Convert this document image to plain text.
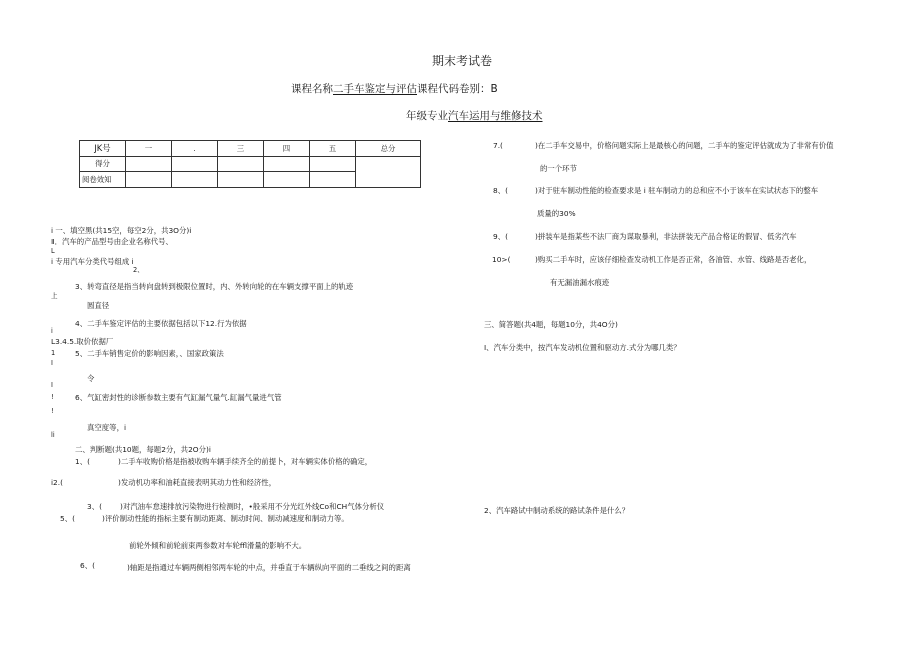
期末考试卷
课程名称二手车鉴定与评估课程代码卷别：B
年级专业汽车运用与维修技术
JK号	一	.	三	四	五	总分
得分						
阅卷效知						
i 一、填空黑(共15空，每空2分，共3O分)i
Ⅱ．汽车的产品型号由企业名称代号、
L
i 专用汽车分类代号组成 i
2、
3、转弯直径是指当转向盘转到极限位置时，内、外转向轮的在车辆支撑平面上的轨迹
上
圆直径
4、二手车鉴定评估的主要依据包括以下12.行为依据
i
L3.4.5.取价依据厂
1	5、二手车销售定价的影响因素，、国家政策法
I
令
I
!	6、气缸密封性的诊断参数主要有气缸漏气量气.缸漏气量进气管
!
真空度等，i
li
二、判断题(共10题，每题2分，共2O分)i
1、(	)二手车收购价格是指被收购车辆手续齐全的前提卜，对车辆实体价格的确定，
i2.(	)发动机功率和油耗直接表明其动力性和经济性，
3、( )对汽油车怠速排放污染物进行检测时，•般采用不分光红外线Co和CH气体分析仪
5、(	)评价制动性能的指标主要有制动距离、制动时间、制动减速度和制动力等。
前轮外倾和前轮前束两参数对车轮ffl滑量的影响不大。
6、(	)轴距是指通过车辆两侧相邻两车轮的中点，并垂直于车辆纵向平面的二垂线之间的距离
7.(	)在二手车交易中，价格问题实际上是最核心的问题，二手车的鉴定评估就成为了非常有价值
的一个环节
8、(	)对于驻车制动性能的检查要求是 i 驻车制动力的总和应不小于该车在实试状态下的整车
质量的30%
9、(	)拼装车是指某些不法厂商为谋取暴利，非法拼装无产品合格证的假冒、低劣汽车
10>(	)购买二手车时，应该仔细检查发动机工作是否正常，各油管、水管、线路是否老化，
有无漏油漏水痕迹
三、简答题(共4题，每题10分，共4O分)
I、汽车分类中，按汽车发动机位置和驱动方.式分为哪几类？
2、汽车路试中制动系统的路试条件是什么？
